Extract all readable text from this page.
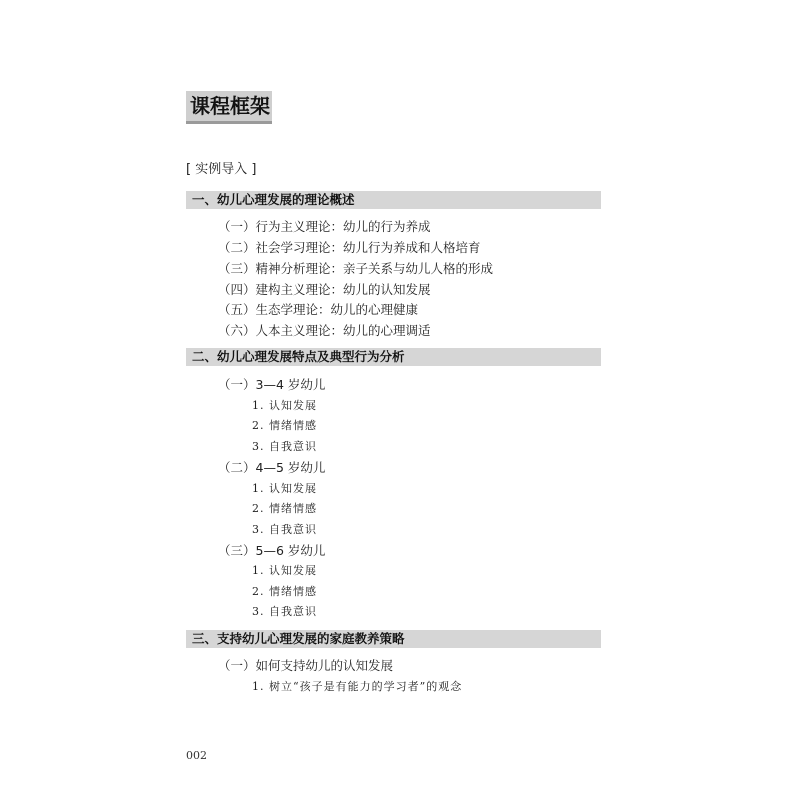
课程框架
[ 实例导入 ]
一、幼儿心理发展的理论概述
（一）行为主义理论：幼儿的行为养成
（二）社会学习理论：幼儿行为养成和人格培育
（三）精神分析理论：亲子关系与幼儿人格的形成
（四）建构主义理论：幼儿的认知发展
（五）生态学理论：幼儿的心理健康
（六）人本主义理论：幼儿的心理调适
二、幼儿心理发展特点及典型行为分析
（一）3—4 岁幼儿
1. 认知发展
2. 情绪情感
3. 自我意识
（二）4—5 岁幼儿
1. 认知发展
2. 情绪情感
3. 自我意识
（三）5—6 岁幼儿
1. 认知发展
2. 情绪情感
3. 自我意识
三、支持幼儿心理发展的家庭教养策略
（一）如何支持幼儿的认知发展
1. 树立“孩子是有能力的学习者”的观念
002
